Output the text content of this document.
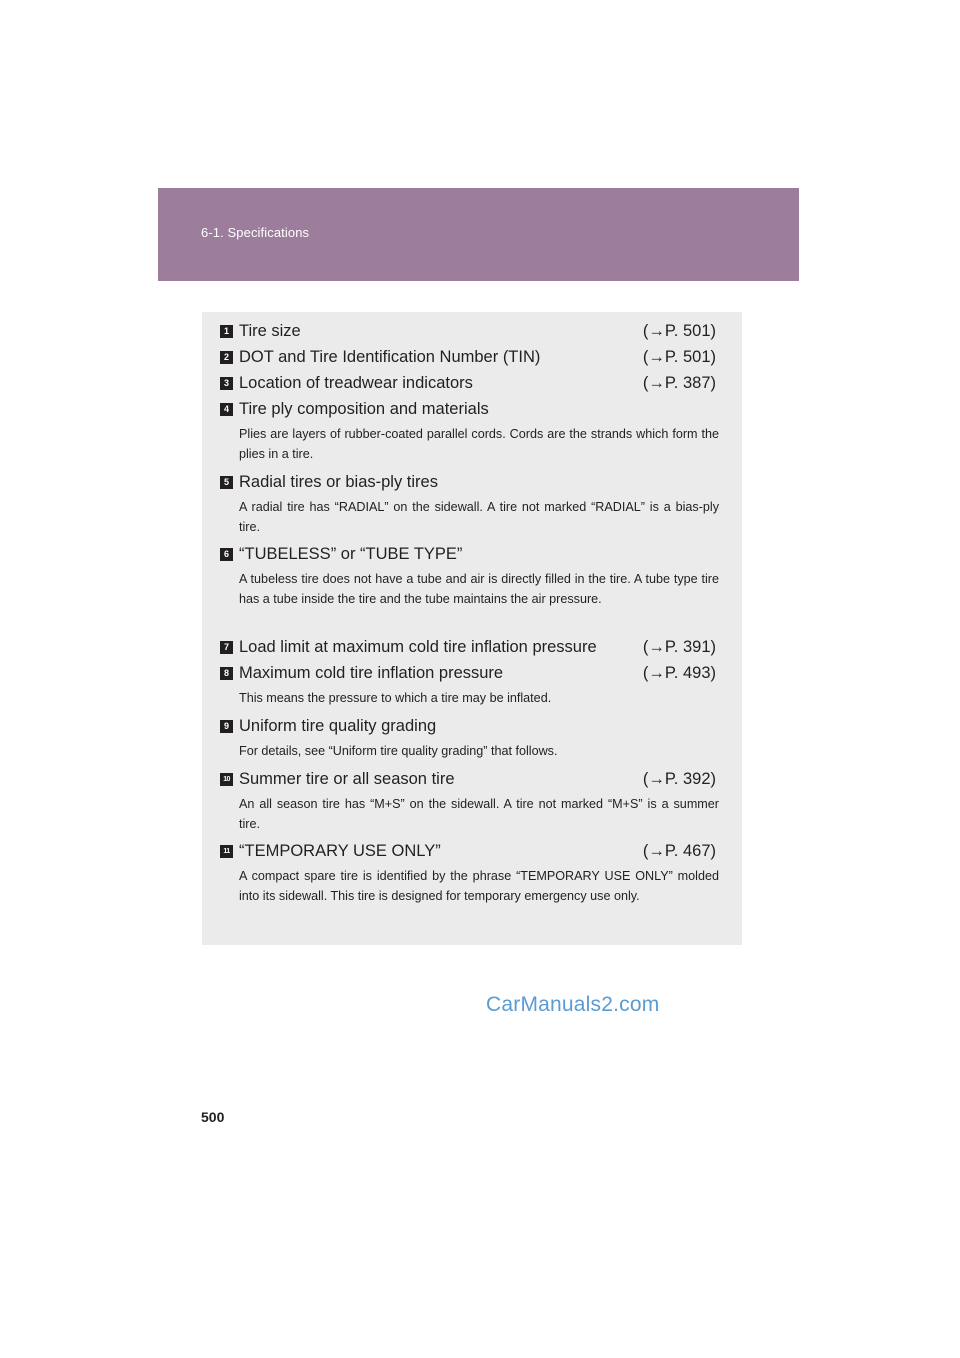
6-1. Specifications
1 Tire size	(→P. 501)
2 DOT and Tire Identification Number (TIN)	(→P. 501)
3 Location of treadwear indicators	(→P. 387)
4 Tire ply composition and materials
Plies are layers of rubber-coated parallel cords. Cords are the strands which form the plies in a tire.
5 Radial tires or bias-ply tires
A radial tire has “RADIAL” on the sidewall. A tire not marked “RADIAL” is a bias-ply tire.
6 “TUBELESS” or “TUBE TYPE”
A tubeless tire does not have a tube and air is directly filled in the tire. A tube type tire has a tube inside the tire and the tube maintains the air pressure.
7 Load limit at maximum cold tire inflation pressure	(→P. 391)
8 Maximum cold tire inflation pressure	(→P. 493)
This means the pressure to which a tire may be inflated.
9 Uniform tire quality grading
For details, see “Uniform tire quality grading” that follows.
10 Summer tire or all season tire	(→P. 392)
An all season tire has “M+S” on the sidewall. A tire not marked “M+S” is a summer tire.
11 “TEMPORARY USE ONLY”	(→P. 467)
A compact spare tire is identified by the phrase “TEMPORARY USE ONLY” molded into its sidewall. This tire is designed for temporary emergency use only.
CarManuals2.com
500
